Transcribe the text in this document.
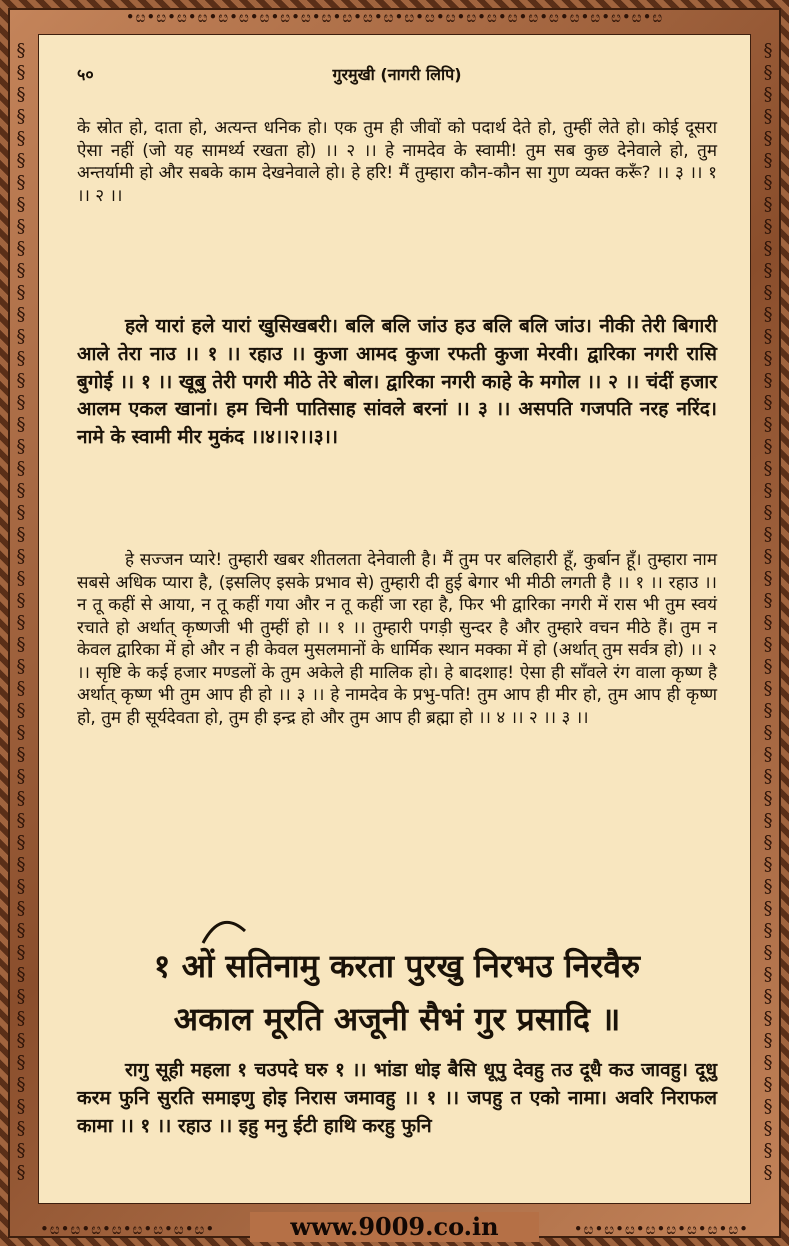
•ೞ•ೞ•ೞ•ೞ•ೞ•ೞ•ೞ•ೞ•ೞ•ೞ•ೞ•ೞ•ೞ•ೞ•ೞ•ೞ•ೞ•ೞ•ೞ•ೞ•ೞ•ೞ•ೞ•ೞ•ೞ•ೞ
§
§
§
§
§
§
§
§
§
§
§
§
§
§
§
§
§
§
§
§
§
§
§
§
§
§
§
§
§
§
§
§
§
§
§
§
§
§
§
§
§
§
§
§
§
§
§
§
§
§
§
§
§
§
§
§
§
§
§
§
§
§
§
§
§
§
§
§
§
§
§
§
§
§
§
§
§
§
§
§
§
§
§
§
§
§
§
§
§
§
§
§
§
§
§
§
§
§
§
§
§
§
§
§
•ೞ•ೞ•ೞ•ೞ•ೞ•ೞ•ೞ•ೞ•	•ೞ•ೞ•ೞ•ೞ•ೞ•ೞ•ೞ•ೞ•
५०	गुरमुखी (नागरी लिपि)
के स्रोत हो, दाता हो, अत्यन्त धनिक हो। एक तुम ही जीवों को पदार्थ देते हो, तुम्हीं लेते हो। कोई दूसरा ऐसा नहीं (जो यह सामर्थ्य रखता हो) ।। २ ।। हे नामदेव के स्वामी! तुम सब कुछ देनेवाले हो, तुम अन्तर्यामी हो और सबके काम देखनेवाले हो। हे हरि! मैं तुम्हारा कौन-कौन सा गुण व्यक्त करूँ? ।। ३ ।। १ ।। २ ।।
हले यारां हले यारां खुसिखबरी। बलि बलि जांउ हउ बलि बलि जांउ। नीकी तेरी बिगारी आले तेरा नाउ ।। १ ।। रहाउ ।। कुजा आमद कुजा रफती कुजा मेरवी। द्वारिका नगरी रासि बुगोई ।। १ ।। खूबु तेरी पगरी मीठे तेरे बोल। द्वारिका नगरी काहे के मगोल ।। २ ।। चंदीं हजार आलम एकल खानां। हम चिनी पातिसाह सांवले बरनां ।। ३ ।। असपति गजपति नरह नरिंद। नामे के स्वामी मीर मुकंद ।।४।।२।।३।।
हे सज्जन प्यारे! तुम्हारी खबर शीतलता देनेवाली है। मैं तुम पर बलिहारी हूँ, कुर्बान हूँ। तुम्हारा नाम सबसे अधिक प्यारा है, (इसलिए इसके प्रभाव से) तुम्हारी दी हुई बेगार भी मीठी लगती है ।। १ ।। रहाउ ।। न तू कहीं से आया, न तू कहीं गया और न तू कहीं जा रहा है, फिर भी द्वारिका नगरी में रास भी तुम स्वयं रचाते हो अर्थात् कृष्णजी भी तुम्हीं हो ।। १ ।। तुम्हारी पगड़ी सुन्दर है और तुम्हारे वचन मीठे हैं। तुम न केवल द्वारिका में हो और न ही केवल मुसलमानों के धार्मिक स्थान मक्का में हो (अर्थात् तुम सर्वत्र हो) ।। २ ।। सृष्टि के कई हजार मण्डलों के तुम अकेले ही मालिक हो। हे बादशाह! ऐसा ही साँवले रंग वाला कृष्ण है अर्थात् कृष्ण भी तुम आप ही हो ।। ३ ।। हे नामदेव के प्रभु-पति! तुम आप ही मीर हो, तुम आप ही कृष्ण हो, तुम ही सूर्यदेवता हो, तुम ही इन्द्र हो और तुम आप ही ब्रह्मा हो ।। ४ ।। २ ।। ३ ।।
१ ओं सतिनामु करता पुरखु निरभउ निरवैरु
अकाल मूरति अजूनी सैभं गुर प्रसादि ॥
रागु सूही महला १ चउपदे घरु १ ।। भांडा धोइ बैसि धूपु देवहु तउ दूधै कउ जावहु। दूधु करम फुनि सुरति समाइणु होइ निरास जमावहु ।। १ ।। जपहु त एको नामा। अवरि निराफल कामा ।। १ ।। रहाउ ।। इहु मनु ईटी हाथि करहु फुनि
www.9009.co.in
